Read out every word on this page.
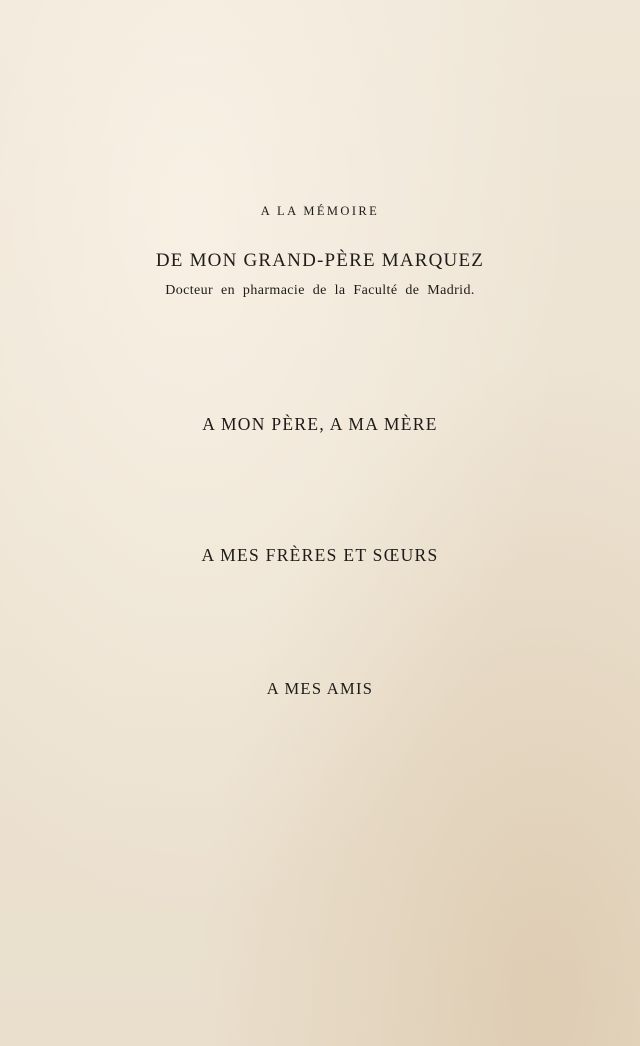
A LA MÉMOIRE
DE MON GRAND-PÈRE MARQUEZ
Docteur en pharmacie de la Faculté de Madrid.
A MON PÈRE, A MA MÈRE
A MES FRÈRES ET SŒURS
A MES AMIS
